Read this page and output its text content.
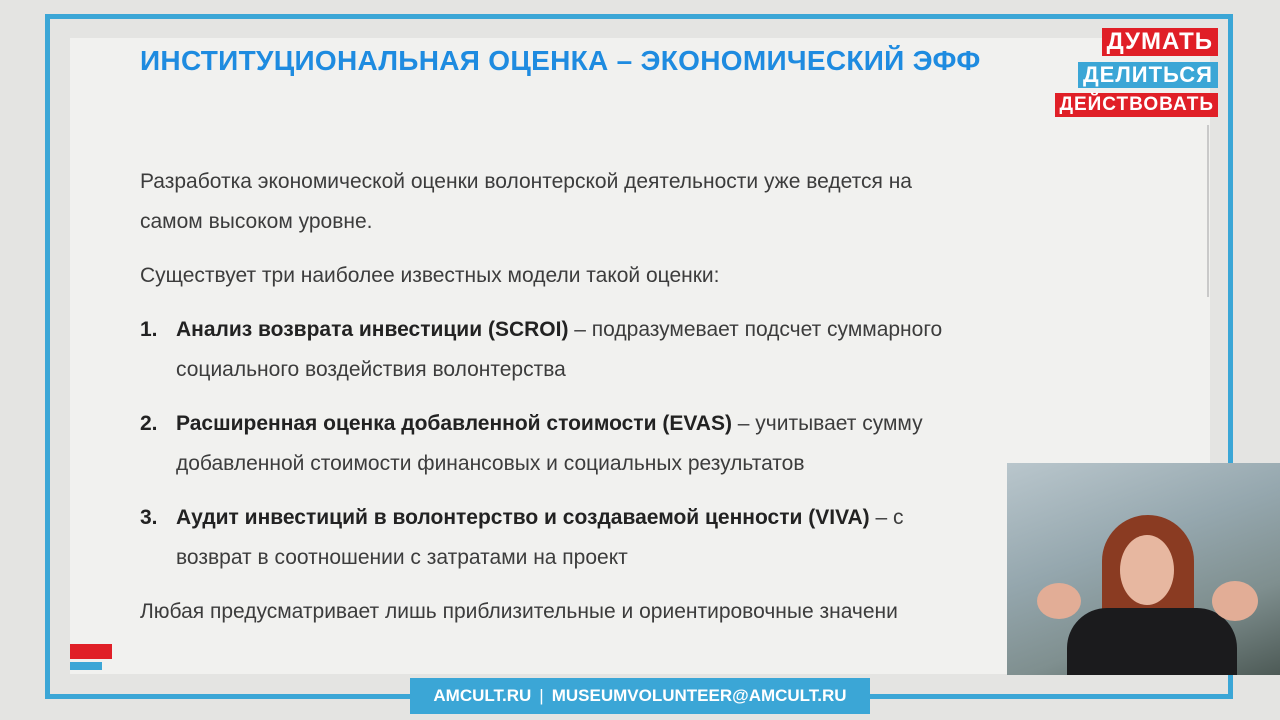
ИНСТИТУЦИОНАЛЬНАЯ ОЦЕНКА – ЭКОНОМИЧЕСКИЙ ЭФФ
Разработка экономической оценки волонтерской деятельности уже ведется на
самом высоком уровне.
Существует три наиболее известных модели такой оценки:
1. Анализ возврата инвестиции (SCROI) – подразумевает подсчет суммарного
социального воздействия волонтерства
2. Расширенная оценка добавленной стоимости (EVAS) – учитывает сумму
добавленной стоимости финансовых и социальных результатов
3. Аудит инвестиций в волонтерство и создаваемой ценности (VIVA) – с
возврат в соотношении с затратами на проект
Любая предусматривает лишь приблизительные и ориентировочные значени
ДУМАТЬ
ДЕЛИТЬСЯ
ДЕЙСТВОВАТЬ
AMCULT.RU | MUSEUMVOLUNTEER@AMCULT.RU
